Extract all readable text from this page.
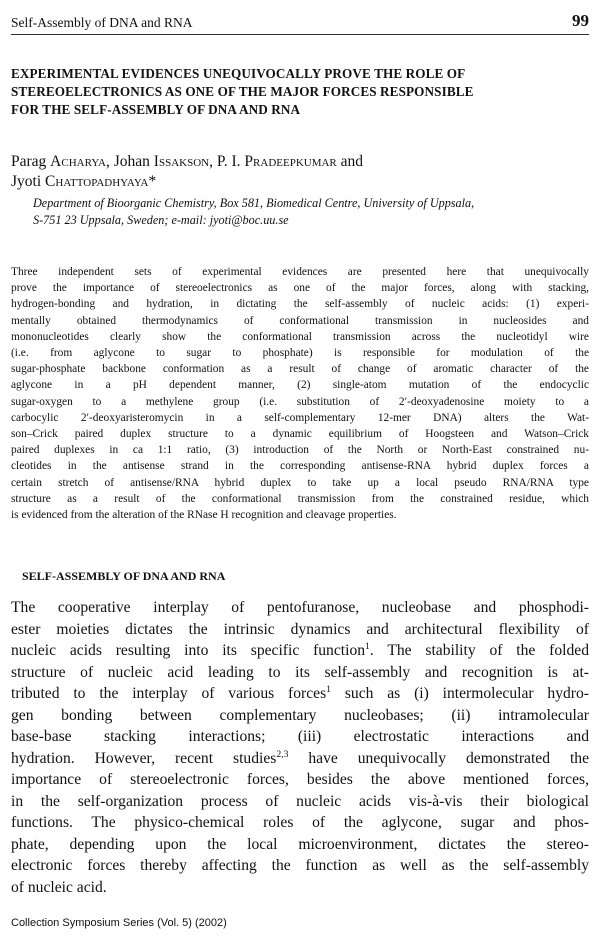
Self-Assembly of DNA and RNA	99
EXPERIMENTAL EVIDENCES UNEQUIVOCALLY PROVE THE ROLE OF
STEREOELECTRONICS AS ONE OF THE MAJOR FORCES RESPONSIBLE
FOR THE SELF-ASSEMBLY OF DNA AND RNA
Parag Acharya, Johan Issakson, P. I. Pradeepkumar and
Jyoti Chattopadhyaya*
Department of Bioorganic Chemistry, Box 581, Biomedical Centre, University of Uppsala,
S-751 23 Uppsala, Sweden; e-mail: jyoti@boc.uu.se
Three independent sets of experimental evidences are presented here that unequivocally
prove the importance of stereoelectronics as one of the major forces, along with stacking,
hydrogen-bonding and hydration, in dictating the self-assembly of nucleic acids: (1) experi-
mentally obtained thermodynamics of conformational transmission in nucleosides and
mononucleotides clearly show the conformational transmission across the nucleotidyl wire
(i.e. from aglycone to sugar to phosphate) is responsible for modulation of the
sugar-phosphate backbone conformation as a result of change of aromatic character of the
aglycone in a pH dependent manner, (2) single-atom mutation of the endocyclic
sugar-oxygen to a methylene group (i.e. substitution of 2′-deoxyadenosine moiety to a
carbocylic 2′-deoxyaristeromycin in a self-complementary 12-mer DNA) alters the Wat-
son–Crick paired duplex structure to a dynamic equilibrium of Hoogsteen and Watson–Crick
paired duplexes in ca 1:1 ratio, (3) introduction of the North or North-East constrained nu-
cleotides in the antisense strand in the corresponding antisense-RNA hybrid duplex forces a
certain stretch of antisense/RNA hybrid duplex to take up a local pseudo RNA/RNA type
structure as a result of the conformational transmission from the constrained residue, which
is evidenced from the alteration of the RNase H recognition and cleavage properties.
SELF-ASSEMBLY OF DNA AND RNA
The cooperative interplay of pentofuranose, nucleobase and phosphodi-
ester moieties dictates the intrinsic dynamics and architectural flexibility of
nucleic acids resulting into its specific function$^1$. The stability of the folded
structure of nucleic acid leading to its self-assembly and recognition is at-
tributed to the interplay of various forces$^1$ such as (i) intermolecular hydro-
gen bonding between complementary nucleobases; (ii) intramolecular
base-base stacking interactions; (iii) electrostatic interactions and
hydration. However, recent studies$^{2,3}$ have unequivocally demonstrated the
importance of stereoelectronic forces, besides the above mentioned forces,
in the self-organization process of nucleic acids vis-à-vis their biological
functions. The physico-chemical roles of the aglycone, sugar and phos-
phate, depending upon the local microenvironment, dictates the stereo-
electronic forces thereby affecting the function as well as the self-assembly
of nucleic acid.
Collection Symposium Series (Vol. 5) (2002)
